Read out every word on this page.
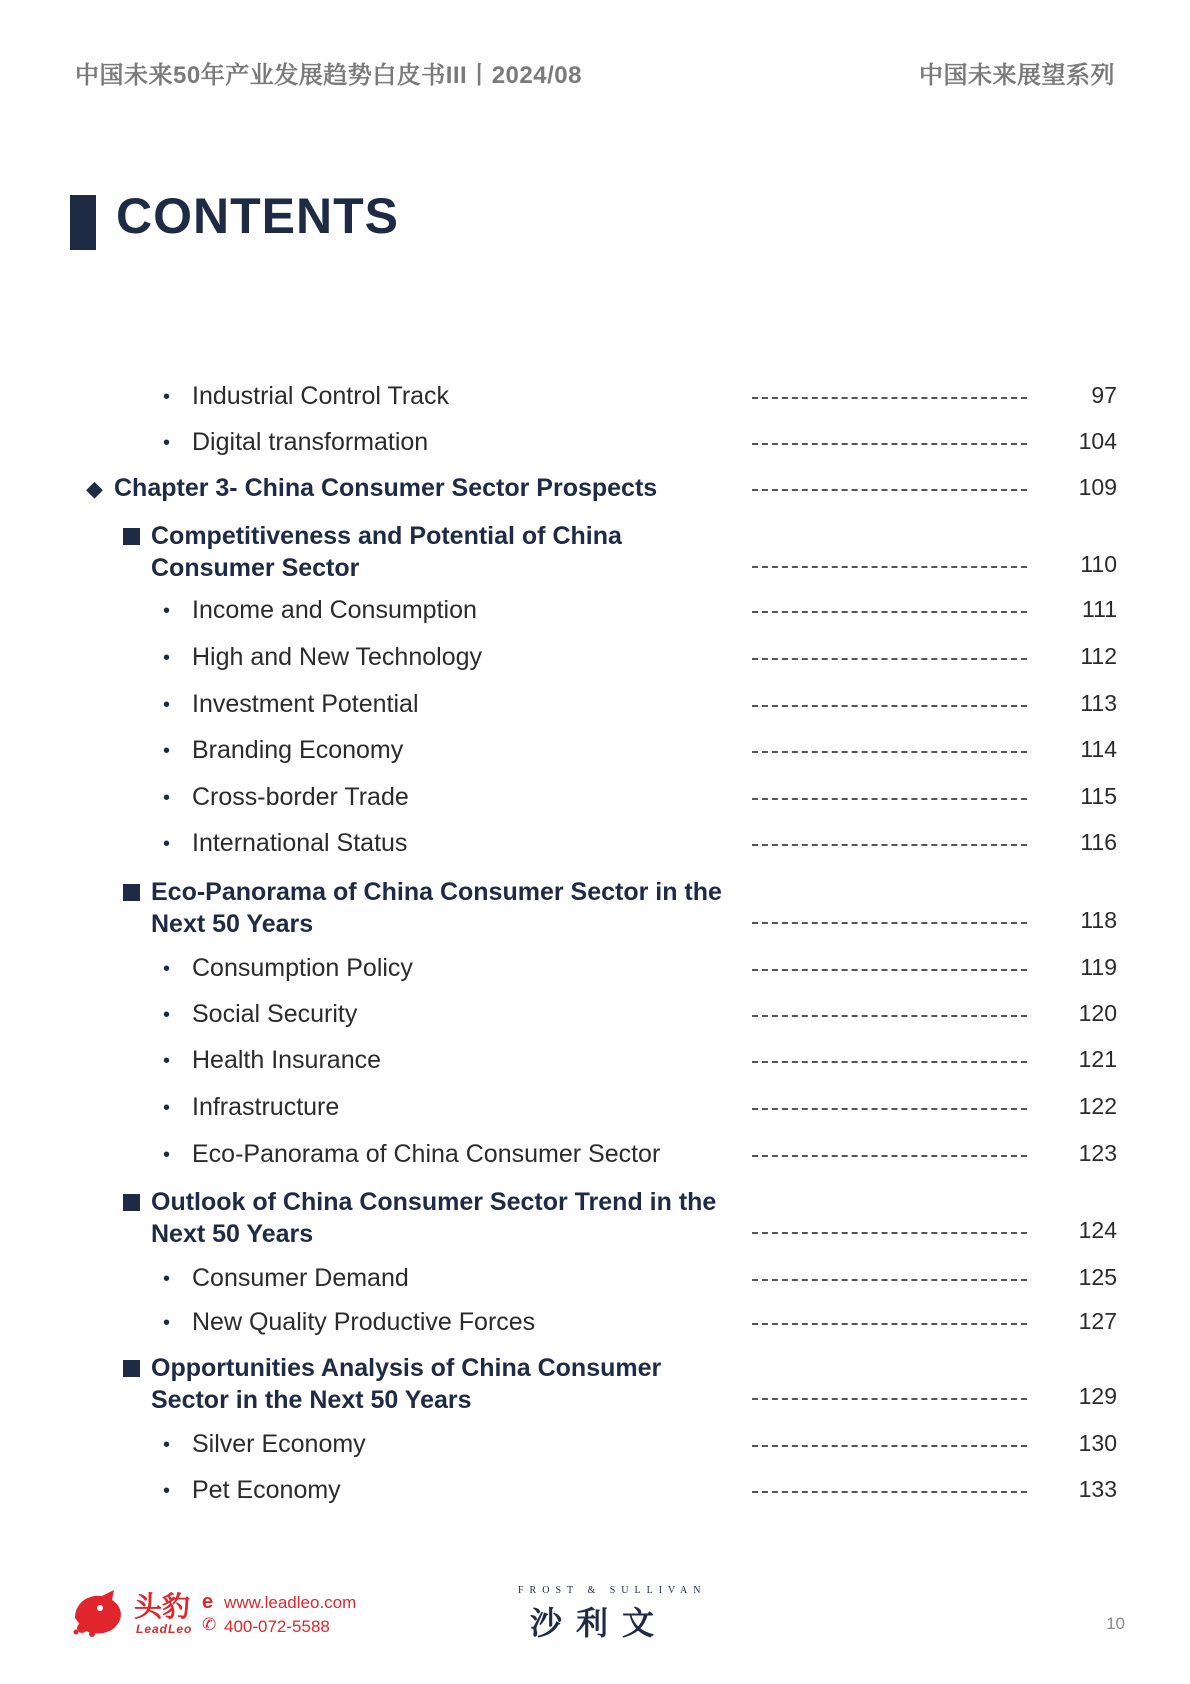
中国未来50年产业发展趋势白皮书III丨2024/08	中国未来展望系列
CONTENTS
• Industrial Control Track	97
• Digital transformation	104
◆ Chapter 3- China Consumer Sector Prospects	109
Competitiveness and Potential of China Consumer Sector	110
• Income and Consumption	111
• High and New Technology	112
• Investment Potential	113
• Branding Economy	114
• Cross-border Trade	115
• International Status	116
Eco-Panorama of China Consumer Sector in the Next 50 Years	118
• Consumption Policy	119
• Social Security	120
• Health Insurance	121
• Infrastructure	122
• Eco-Panorama of China Consumer Sector	123
Outlook of China Consumer Sector Trend in the Next 50 Years	124
• Consumer Demand	125
• New Quality Productive Forces	127
Opportunities Analysis of China Consumer Sector in the Next 50 Years	129
• Silver Economy	130
• Pet Economy	133
头豹
LeadLeo
e www.leadleo.com
✆ 400-072-5588
FROST & SULLIVAN
沙利文	10
